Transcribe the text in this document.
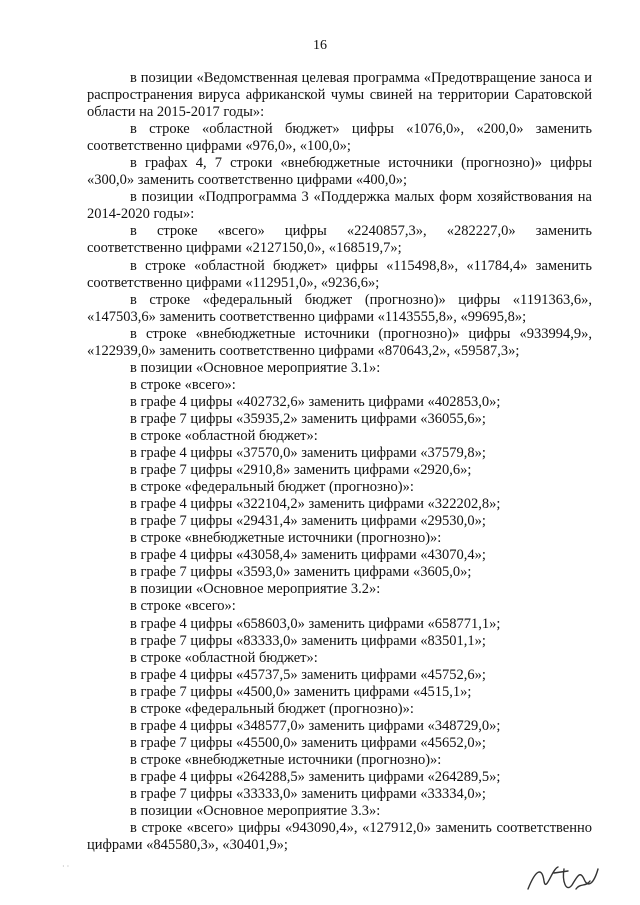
16

в позиции «Ведомственная целевая программа «Предотвращение заноса и распространения вируса африканской чумы свиней на территории Саратовской области на 2015-2017 годы»:

в строке «областной бюджет» цифры «1076,0», «200,0» заменить соответственно цифрами «976,0», «100,0»;

в графах 4, 7 строки «внебюджетные источники (прогнозно)» цифры «300,0» заменить соответственно цифрами «400,0»;

в позиции «Подпрограмма 3 «Поддержка малых форм хозяйствования на 2014-2020 годы»:

в строке «всего» цифры «2240857,3», «282227,0» заменить соответственно цифрами «2127150,0», «168519,7»;

в строке «областной бюджет» цифры «115498,8», «11784,4» заменить соответственно цифрами «112951,0», «9236,6»;

в строке «федеральный бюджет (прогнозно)» цифры «1191363,6», «147503,6» заменить соответственно цифрами «1143555,8», «99695,8»;

в строке «внебюджетные источники (прогнозно)» цифры «933994,9», «122939,0» заменить соответственно цифрами «870643,2», «59587,3»;

в позиции «Основное мероприятие 3.1»:

в строке «всего»:

в графе 4 цифры «402732,6» заменить цифрами «402853,0»;

в графе 7 цифры «35935,2» заменить цифрами «36055,6»;

в строке «областной бюджет»:

в графе 4 цифры «37570,0» заменить цифрами «37579,8»;

в графе 7 цифры «2910,8» заменить цифрами «2920,6»;

в строке «федеральный бюджет (прогнозно)»:

в графе 4 цифры «322104,2» заменить цифрами «322202,8»;

в графе 7 цифры «29431,4» заменить цифрами «29530,0»;

в строке «внебюджетные источники (прогнозно)»:

в графе 4 цифры «43058,4» заменить цифрами «43070,4»;

в графе 7 цифры «3593,0» заменить цифрами «3605,0»;

в позиции «Основное мероприятие 3.2»:

в строке «всего»:

в графе 4 цифры «658603,0» заменить цифрами «658771,1»;

в графе 7 цифры «83333,0» заменить цифрами «83501,1»;

в строке «областной бюджет»:

в графе 4 цифры «45737,5» заменить цифрами «45752,6»;

в графе 7 цифры «4500,0» заменить цифрами «4515,1»;

в строке «федеральный бюджет (прогнозно)»:

в графе 4 цифры «348577,0» заменить цифрами «348729,0»;

в графе 7 цифры «45500,0» заменить цифрами «45652,0»;

в строке «внебюджетные источники (прогнозно)»:

в графе 4 цифры «264288,5» заменить цифрами «264289,5»;

в графе 7 цифры «33333,0» заменить цифрами «33334,0»;

в позиции «Основное мероприятие 3.3»:

в строке «всего» цифры «943090,4», «127912,0» заменить соответственно цифрами «845580,3», «30401,9»;

· ·
